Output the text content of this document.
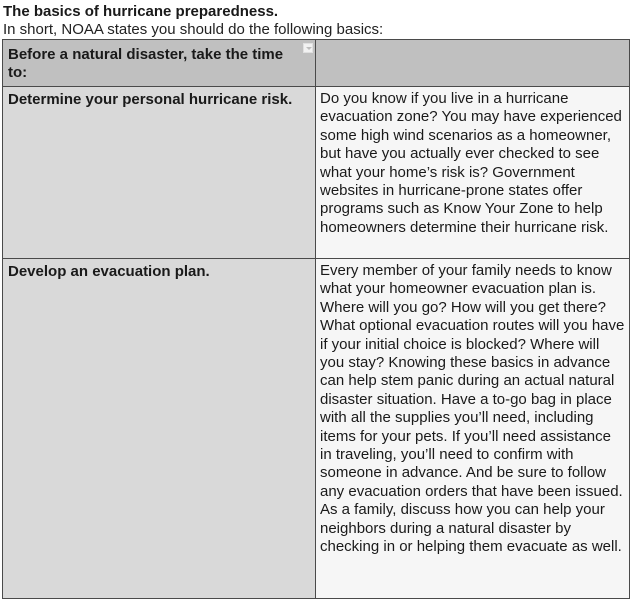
The basics of hurricane preparedness.
In short, NOAA states you should do the following basics:
Before a natural disaster, take the time to:	

Determine your personal hurricane risk.	Do you know if you live in a hurricane evacuation zone? You may have experienced some high wind scenarios as a homeowner, but have you actually ever checked to see what your home’s risk is? Government websites in hurricane-prone states offer programs such as Know Your Zone to help homeowners determine their hurricane risk.

Develop an evacuation plan.	Every member of your family needs to know what your homeowner evacuation plan is. Where will you go? How will you get there? What optional evacuation routes will you have if your initial choice is blocked? Where will you stay? Knowing these basics in advance can help stem panic during an actual natural disaster situation. Have a to-go bag in place with all the supplies you’ll need, including items for your pets. If you’ll need assistance in traveling, you’ll need to confirm with someone in advance. And be sure to follow any evacuation orders that have been issued. As a family, discuss how you can help your neighbors during a natural disaster by checking in or helping them evacuate as well.
